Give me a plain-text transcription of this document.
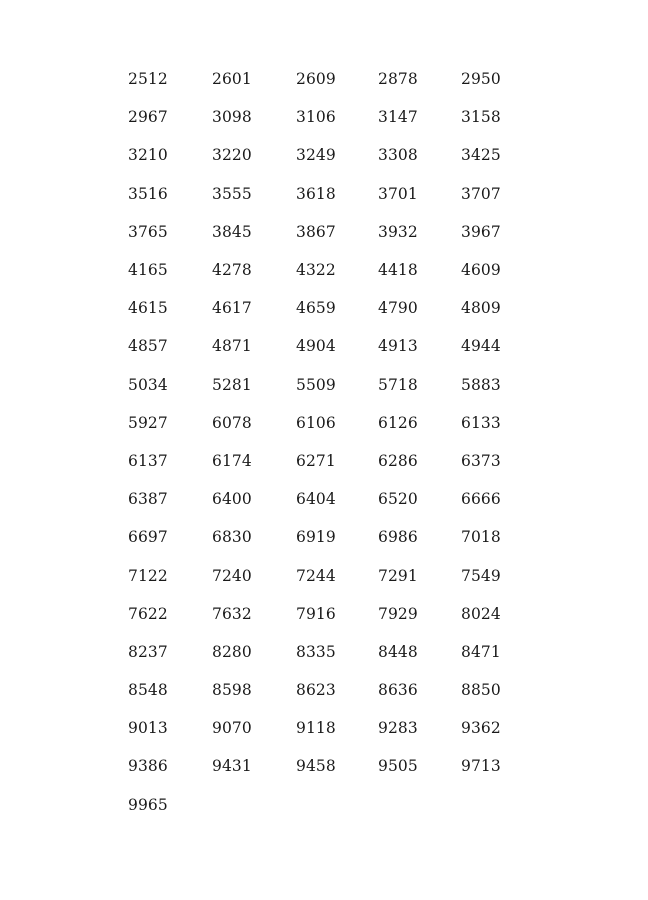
2512	2601	2609	2878	2950
2967	3098	3106	3147	3158
3210	3220	3249	3308	3425
3516	3555	3618	3701	3707
3765	3845	3867	3932	3967
4165	4278	4322	4418	4609
4615	4617	4659	4790	4809
4857	4871	4904	4913	4944
5034	5281	5509	5718	5883
5927	6078	6106	6126	6133
6137	6174	6271	6286	6373
6387	6400	6404	6520	6666
6697	6830	6919	6986	7018
7122	7240	7244	7291	7549
7622	7632	7916	7929	8024
8237	8280	8335	8448	8471
8548	8598	8623	8636	8850
9013	9070	9118	9283	9362
9386	9431	9458	9505	9713
9965
